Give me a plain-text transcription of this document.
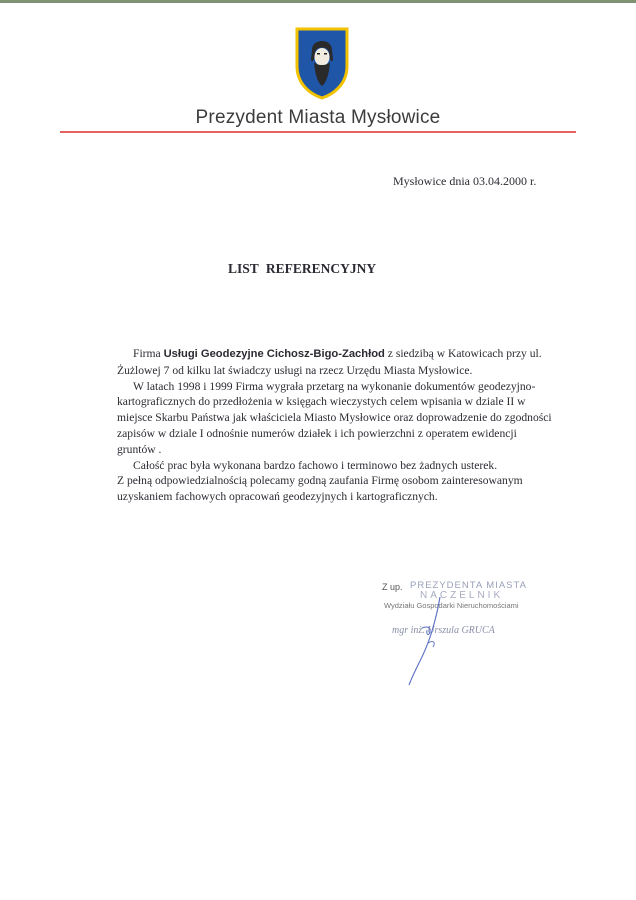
Prezydent Miasta Mysłowice
Mysłowice dnia 03.04.2000 r.
LIST REFERENCYJNY

Firma Usługi Geodezyjne Cichosz-Bigo-Zachłod z siedzibą w Katowicach przy ul. Żużlowej 7 od kilku lat świadczy usługi na rzecz Urzędu Miasta Mysłowice.

W latach 1998 i 1999 Firma wygrała przetarg na wykonanie dokumentów geodezyjno-kartograficznych do przedłożenia w księgach wieczystych celem wpisania w dziale II w miejsce Skarbu Państwa jak właściciela Miasto Mysłowice oraz doprowadzenie do zgodności zapisów w dziale I odnośnie numerów działek i ich powierzchni z operatem ewidencji gruntów .

Całość prac była wykonana bardzo fachowo i terminowo bez żadnych usterek.

Z pełną odpowiedzialnością polecamy godną zaufania Firmę osobom zainteresowanym uzyskaniem fachowych opracowań geodezyjnych i kartograficznych.

Z up. PREZYDENTA MIASTA
NACZELNIK
Wydziału Gospodarki Nieruchomościami
mgr inż. Urszula GRUCA
